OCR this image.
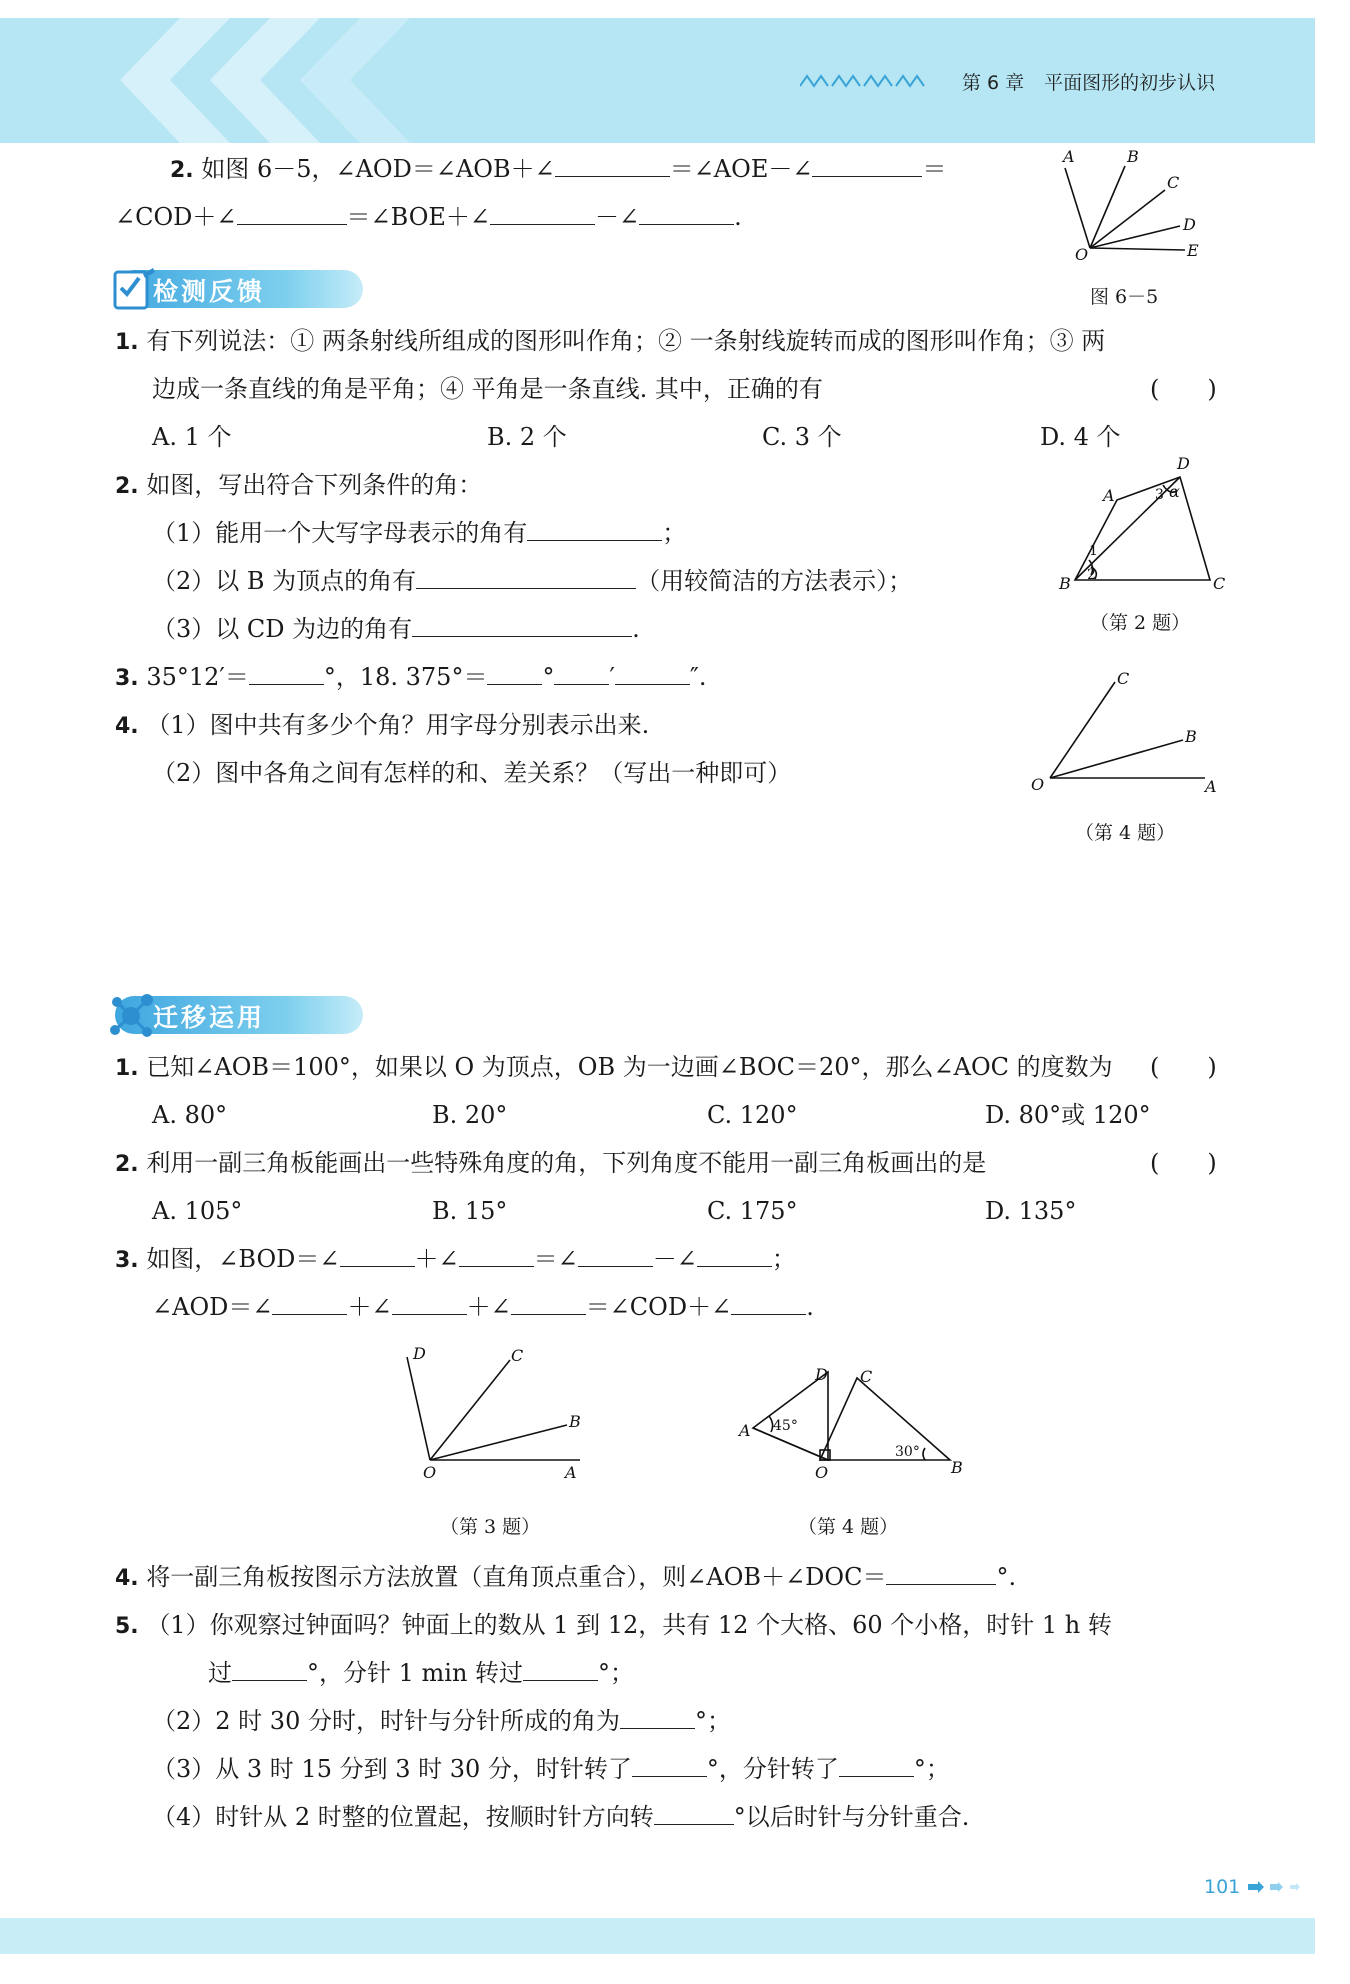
第 6 章 平面图形的初步认识
2. 如图 6－5，∠AOD＝∠AOB＋∠	＝∠AOE－∠	＝
∠COD＋∠	＝∠BOE＋∠	－∠	.
A	B
C
D
E
O
图 6－5
检测反馈
1. 有下列说法：① 两条射线所组成的图形叫作角；② 一条射线旋转而成的图形叫作角；③ 两
边成一条直线的角是平角；④ 平角是一条直线. 其中，正确的有	(　　)
A. 1 个	B. 2 个	C. 3 个	D. 4 个
2. 如图，写出符合下列条件的角：
（1）能用一个大写字母表示的角有	；
（2）以 B 为顶点的角有	（用较简洁的方法表示）；
（3）以 CD 为边的角有	.
B
A
D
C
1
2
3 α
（第 2 题）
3. 35°12′＝	°，18. 375°＝ ° ′	″.
4. （1）图中共有多少个角？用字母分别表示出来.
（2）图中各角之间有怎样的和、差关系？（写出一种即可）	O
C
B
A
（第 4 题）
迁移运用
1. 已知∠AOB＝100°，如果以 O 为顶点，OB 为一边画∠BOC＝20°，那么∠AOC 的度数为 (　　)
A. 80°	B. 20°	C. 120°	D. 80°或 120°
2. 利用一副三角板能画出一些特殊角度的角，下列角度不能用一副三角板画出的是	(　　)
A. 105°	B. 15°	C. 175°	D. 135°
3. 如图，∠BOD＝∠	＋∠	＝∠	－∠	；
∠AOD＝∠	＋∠	＋∠	＝∠COD＋∠	.
D	C
B
A
O
（第 3 题）
D C
A
B
O
45°
30°
（第 4 题）
4. 将一副三角板按图示方法放置（直角顶点重合），则∠AOB＋∠DOC＝	°.
5. （1）你观察过钟面吗？钟面上的数从 1 到 12，共有 12 个大格、60 个小格，时针 1 h 转
过	°，分针 1 min 转过	°；
（2）2 时 30 分时，时针与分针所成的角为	°；
（3）从 3 时 15 分到 3 时 30 分，时针转了	°，分针转了	°；
（4）时针从 2 时整的位置起，按顺时针方向转	°以后时针与分针重合.
101
